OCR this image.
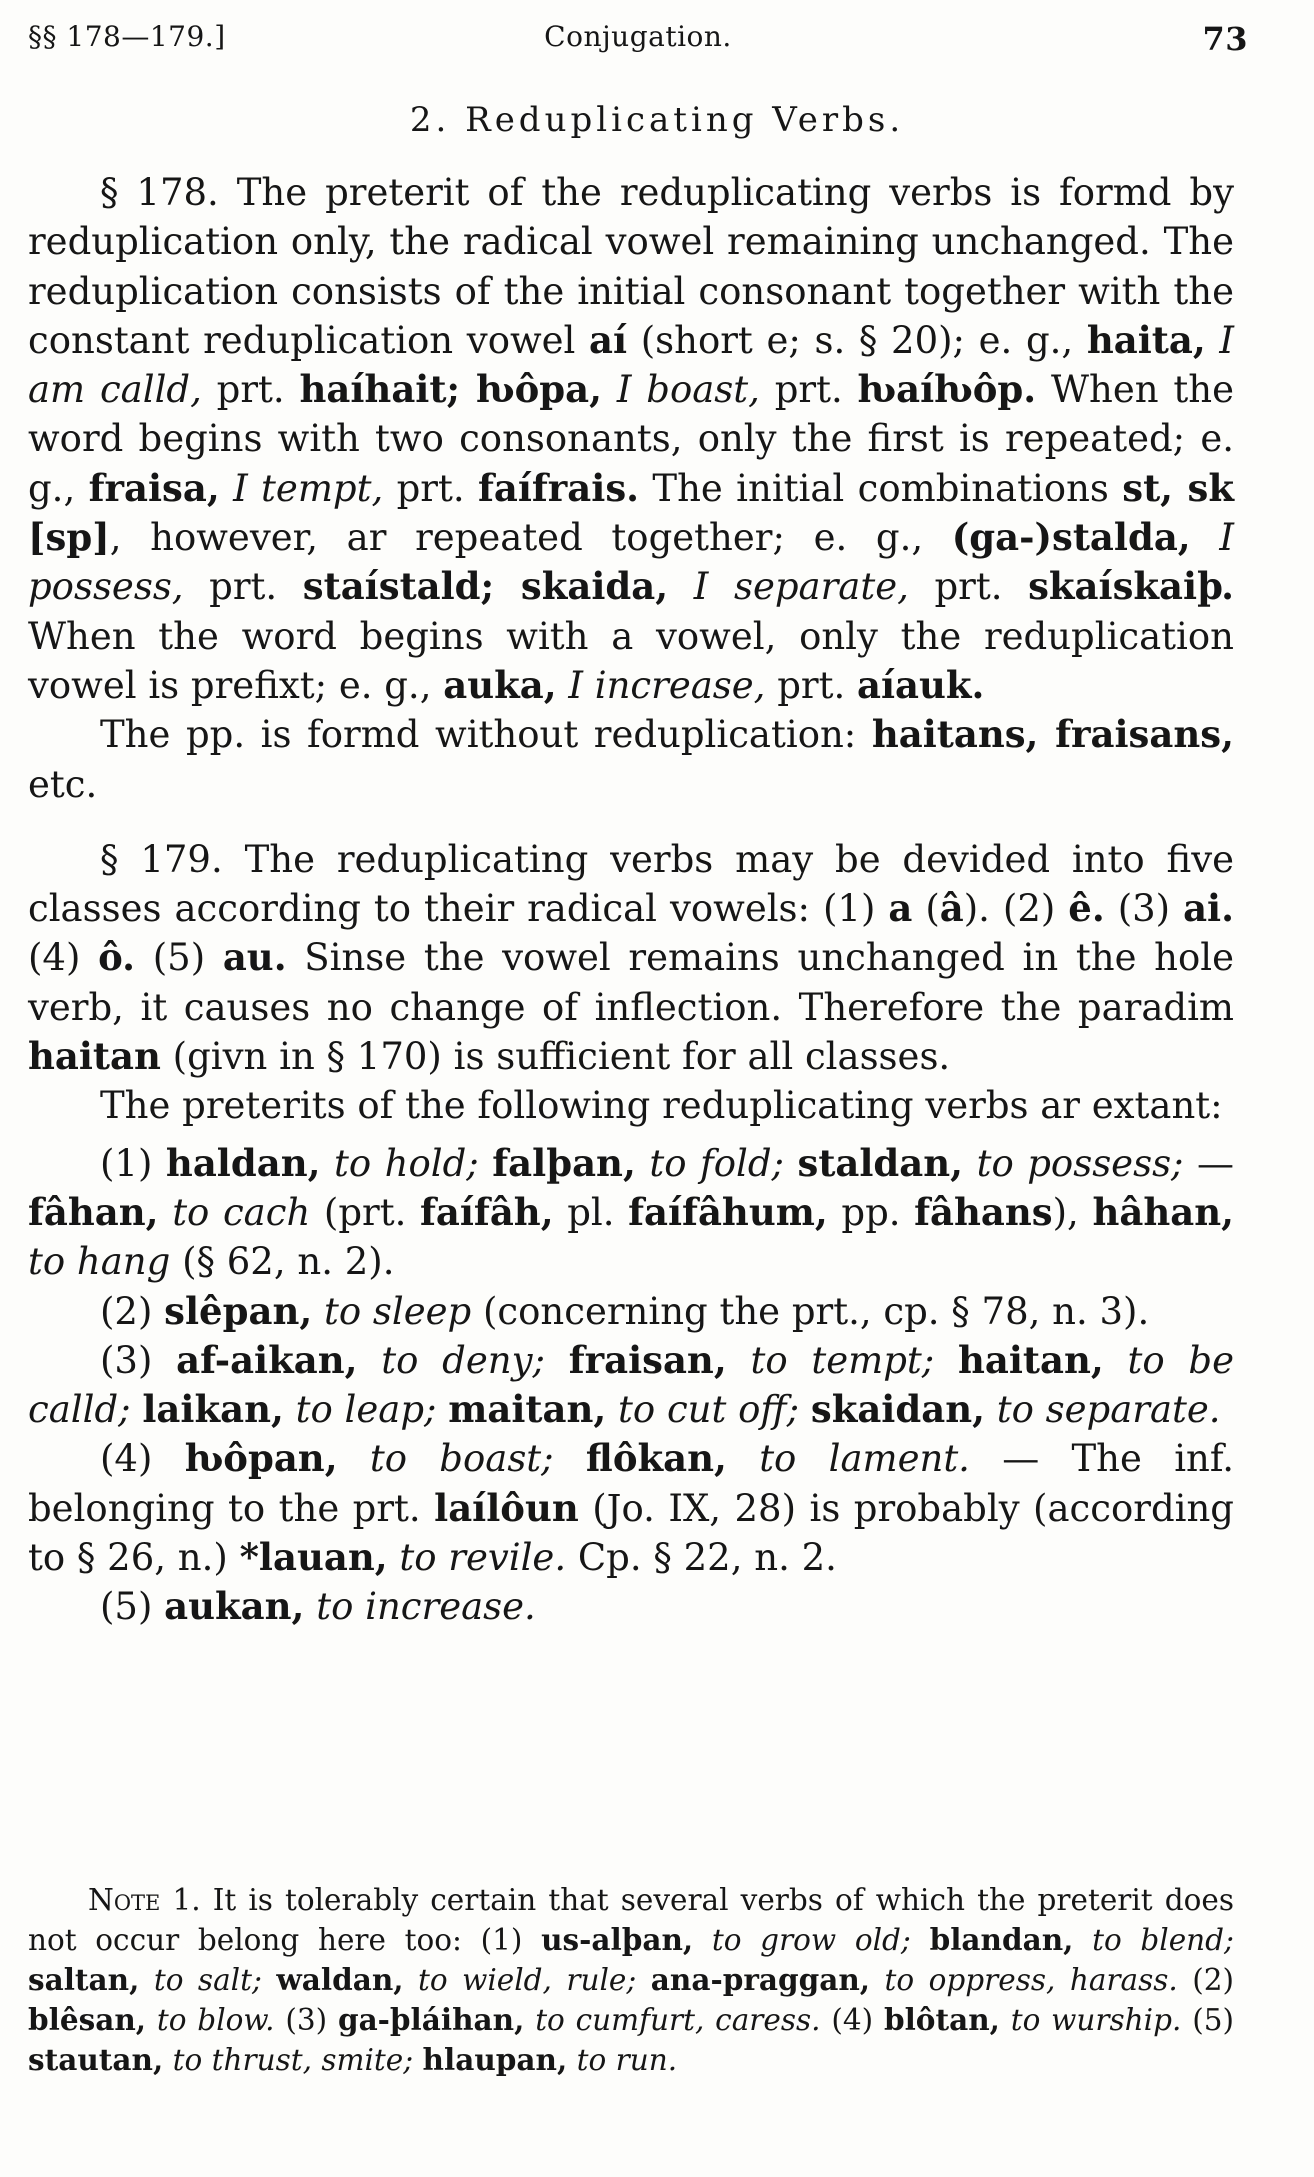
§§ 178—179.]	Conjugation.	73
2. Reduplicating Verbs.

§ 178. The preterit of the reduplicating verbs is formd by reduplication only, the radical vowel remaining unchanged. The reduplication consists of the initial consonant together with the constant reduplication vowel aí (short e; s. § 20); e. g., haita, I am calld, prt. haíhait; ƕôpa, I boast, prt. ƕaíƕôp. When the word begins with two consonants, only the first is repeated; e. g., fraisa, I tempt, prt. faífrais. The initial combinations st, sk [sp], however, ar repeated together; e. g., (ga-)stalda, I possess, prt. staístald; skaida, I separate, prt. skaískaiþ. When the word begins with a vowel, only the reduplication vowel is prefixt; e. g., auka, I increase, prt. aíauk.

The pp. is formd without reduplication: haitans, fraisans, etc.

§ 179. The reduplicating verbs may be devided into five classes according to their radical vowels: (1) a (â). (2) ê. (3) ai. (4) ô. (5) au. Sinse the vowel remains unchanged in the hole verb, it causes no change of inflection. Therefore the paradim haitan (givn in § 170) is sufficient for all classes.

The preterits of the following reduplicating verbs ar extant:

(1) haldan, to hold; falþan, to fold; staldan, to possess; — fâhan, to cach (prt. faífâh, pl. faífâhum, pp. fâhans), hâhan, to hang (§ 62, n. 2).

(2) slêpan, to sleep (concerning the prt., cp. § 78, n. 3).

(3) af-aikan, to deny; fraisan, to tempt; haitan, to be calld; laikan, to leap; maitan, to cut off; skaidan, to separate.

(4) ƕôpan, to boast; flôkan, to lament. — The inf. belonging to the prt. laílôun (Jo. IX, 28) is probably (according to § 26, n.) *lauan, to revile. Cp. § 22, n. 2.

(5) aukan, to increase.

Note 1. It is tolerably certain that several verbs of which the preterit does not occur belong here too: (1) us-alþan, to grow old; blandan, to blend; saltan, to salt; waldan, to wield, rule; ana-praggan, to oppress, harass. (2) blêsan, to blow. (3) ga-þláihan, to cumfurt, caress. (4) blôtan, to wurship. (5) stautan, to thrust, smite; hlaupan, to run.
